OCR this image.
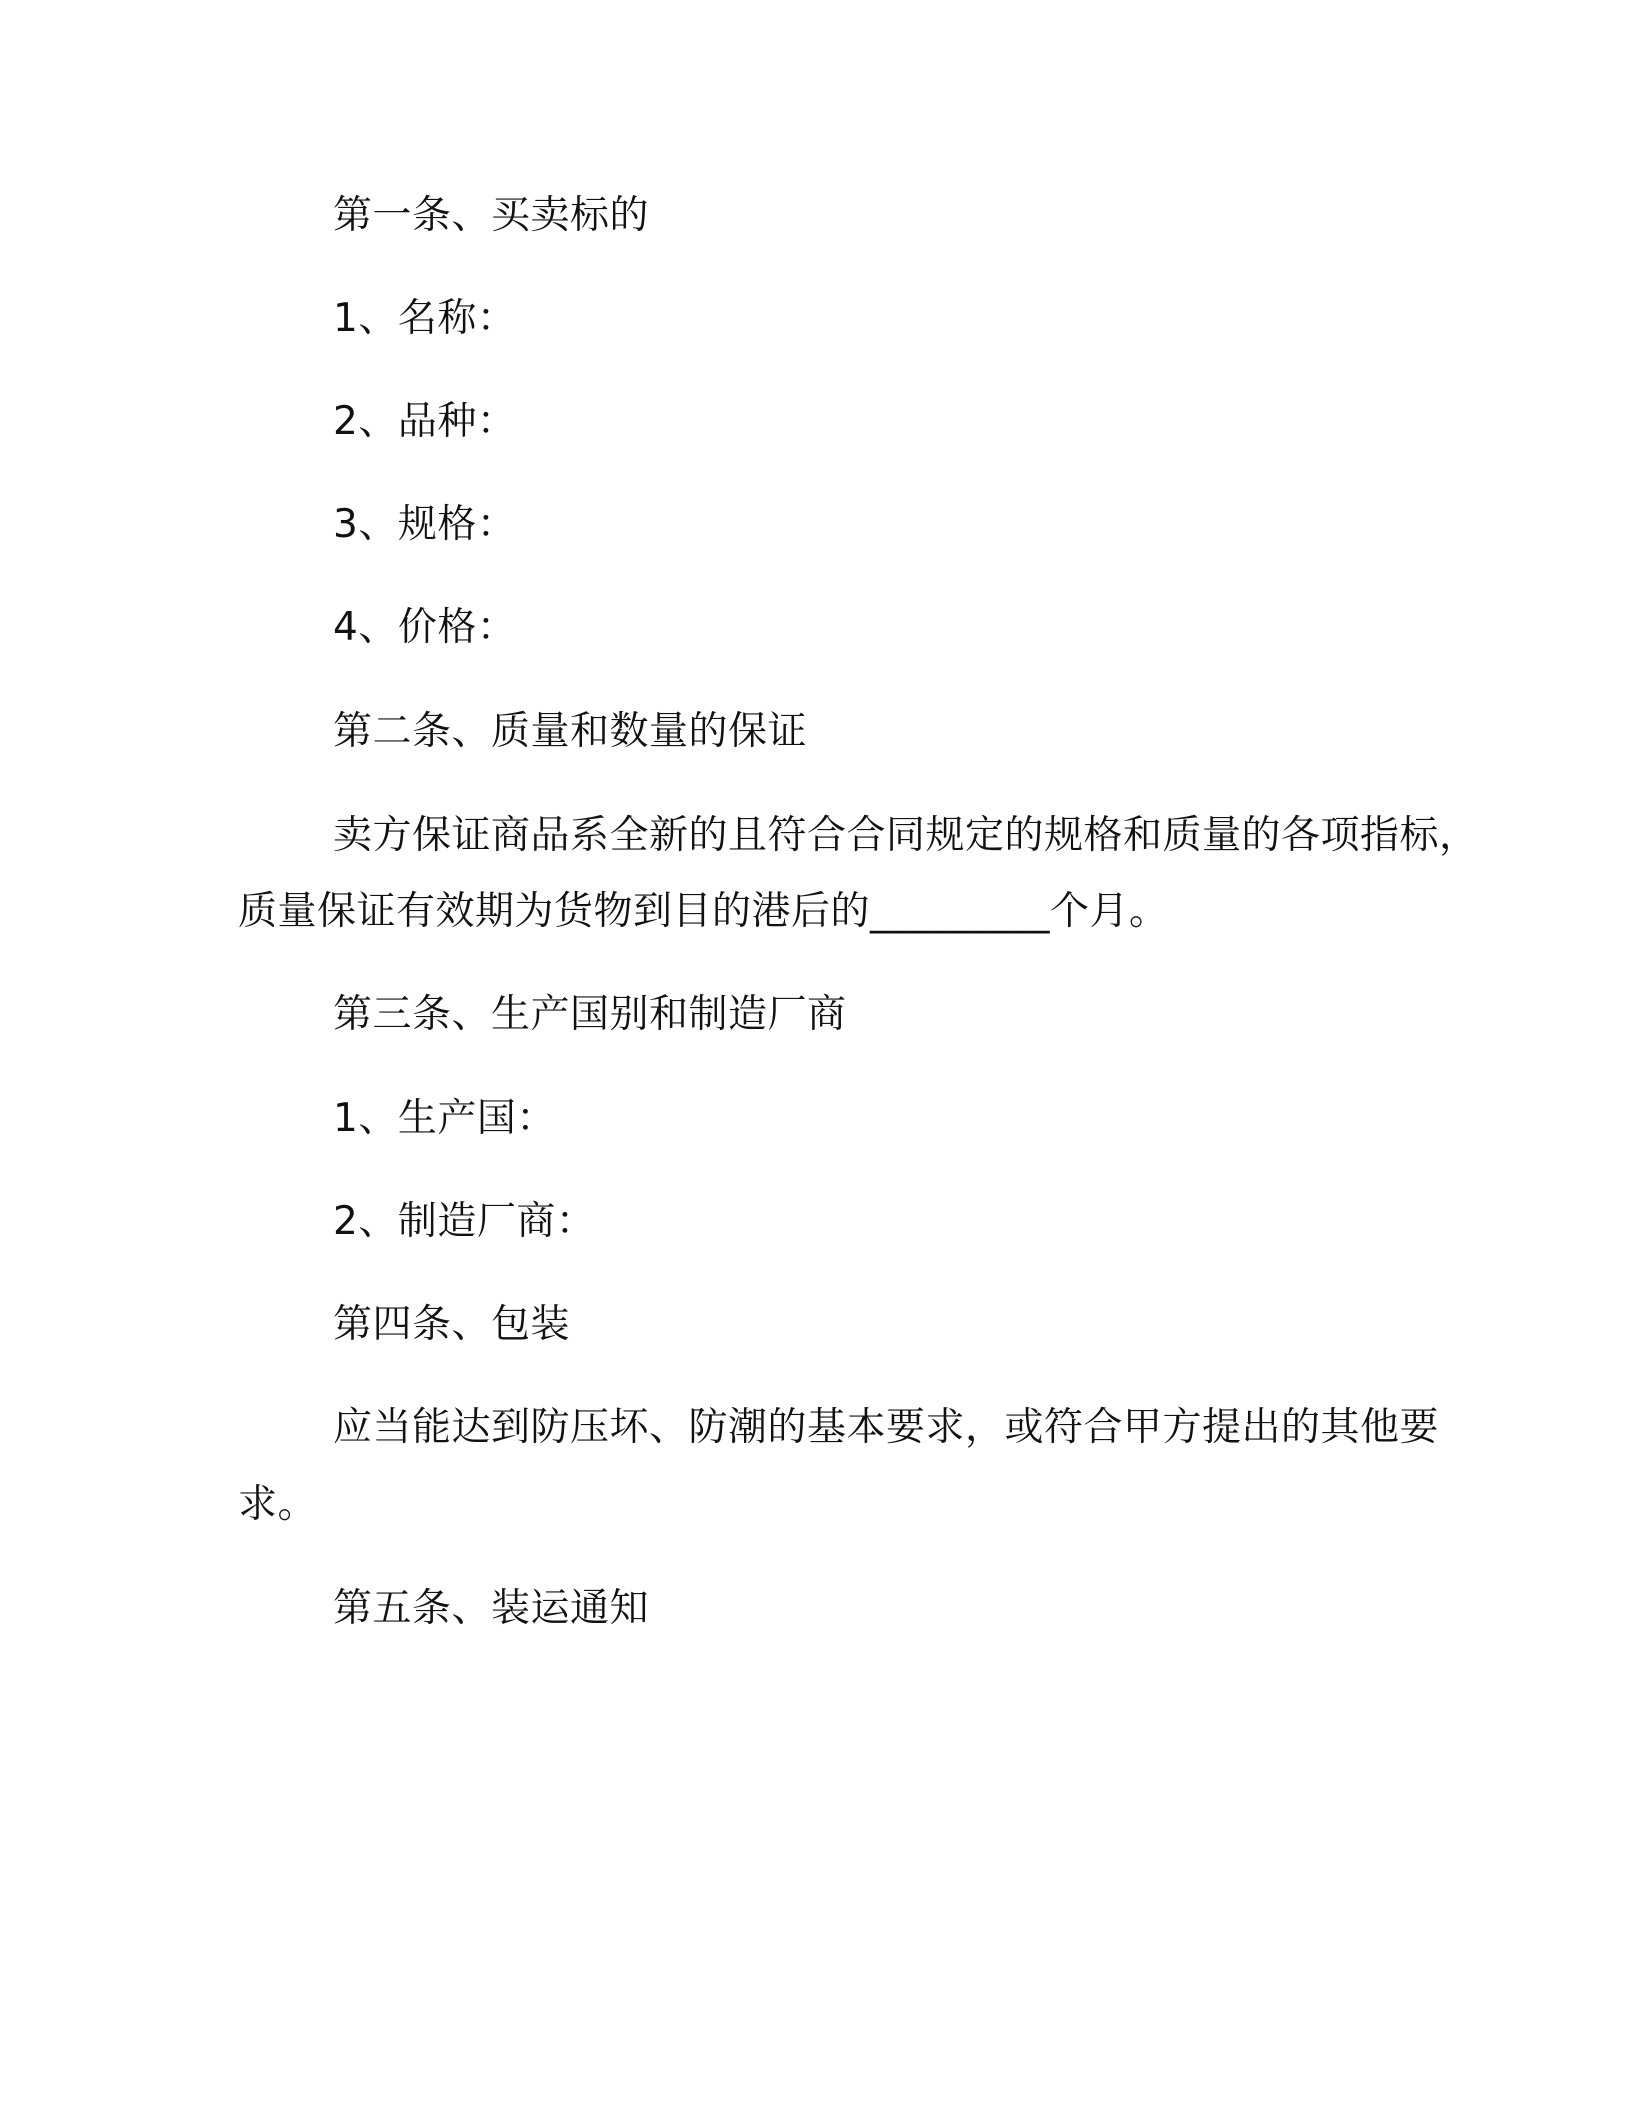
第一条、买卖标的
1、名称：
2、品种：
3、规格：
4、价格：
第二条、质量和数量的保证
卖方保证商品系全新的且符合合同规定的规格和质量的各项指标，
质量保证有效期为货物到目的港后的_________个月。
第三条、生产国别和制造厂商
1、生产国：
2、制造厂商：
第四条、包装
应当能达到防压坏、防潮的基本要求，或符合甲方提出的其他要
求。
第五条、装运通知
